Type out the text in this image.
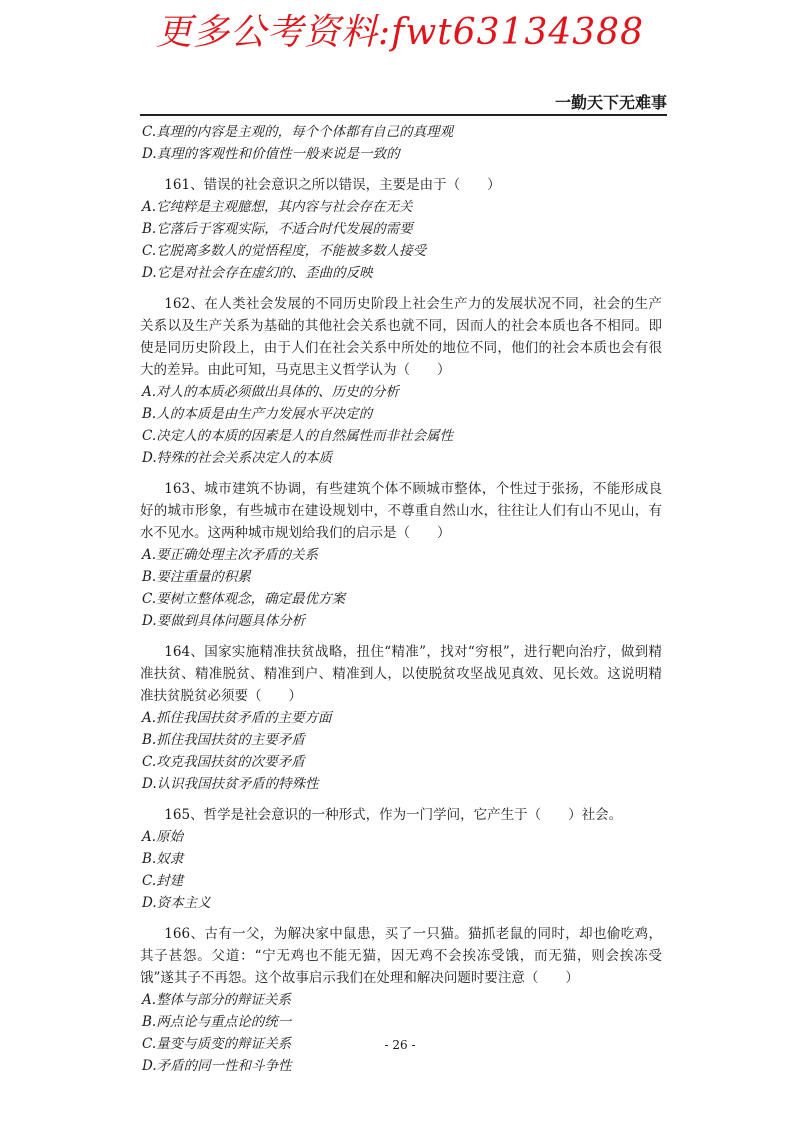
更多公考资料:fwt63134388
一勤天下无难事
C.真理的内容是主观的，每个个体都有自己的真理观
D.真理的客观性和价值性一般来说是一致的
161、错误的社会意识之所以错误，主要是由于（　　）
A.它纯粹是主观臆想，其内容与社会存在无关
B.它落后于客观实际，不适合时代发展的需要
C.它脱离多数人的觉悟程度，不能被多数人接受
D.它是对社会存在虚幻的、歪曲的反映
162、在人类社会发展的不同历史阶段上社会生产力的发展状况不同，社会的生产关系以及生产关系为基础的其他社会关系也就不同，因而人的社会本质也各不相同。即使是同历史阶段上，由于人们在社会关系中所处的地位不同，他们的社会本质也会有很大的差异。由此可知，马克思主义哲学认为（　　）
A.对人的本质必须做出具体的、历史的分析
B.人的本质是由生产力发展水平决定的
C.决定人的本质的因素是人的自然属性而非社会属性
D.特殊的社会关系决定人的本质
163、城市建筑不协调，有些建筑个体不顾城市整体，个性过于张扬，不能形成良好的城市形象，有些城市在建设规划中，不尊重自然山水，往往让人们有山不见山，有水不见水。这两种城市规划给我们的启示是（　　）
A.要正确处理主次矛盾的关系
B.要注重量的积累
C.要树立整体观念，确定最优方案
D.要做到具体问题具体分析
164、国家实施精准扶贫战略，扭住“精准”，找对“穷根”，进行靶向治疗，做到精准扶贫、精准脱贫、精准到户、精准到人，以使脱贫攻坚战见真效、见长效。这说明精准扶贫脱贫必须要（　　）
A.抓住我国扶贫矛盾的主要方面
B.抓住我国扶贫的主要矛盾
C.攻克我国扶贫的次要矛盾
D.认识我国扶贫矛盾的特殊性
165、哲学是社会意识的一种形式，作为一门学问，它产生于（　　）社会。
A.原始
B.奴隶
C.封建
D.资本主义
166、古有一父，为解决家中鼠患，买了一只猫。猫抓老鼠的同时，却也偷吃鸡，其子甚怨。父道：“宁无鸡也不能无猫，因无鸡不会挨冻受饿，而无猫，则会挨冻受饿”遂其子不再怨。这个故事启示我们在处理和解决问题时要注意（　　）
A.整体与部分的辩证关系
B.两点论与重点论的统一
C.量变与质变的辩证关系
D.矛盾的同一性和斗争性
- 26 -
